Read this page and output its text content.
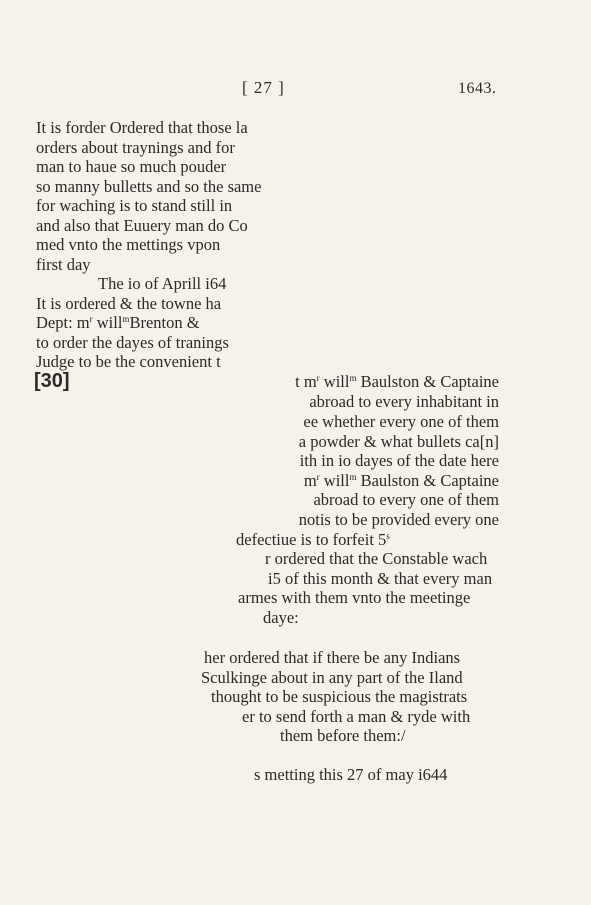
[ 27 ]	1643.
It is forder Ordered that those la
orders about traynings and for
man to haue so much pouder
so manny bulletts and so the same
for waching is to stand still in
and also that Euuery man do Co
med vnto the mettings vpon
first day
The io of Aprill i64
It is ordered & the towne ha
Dept: $m^r$ will$^m$Brenton &
to order the dayes of tranings
Judge to be the convenient t
[30]	t $m^r$ will$^m$ Baulston & Captaine
abroad to every inhabitant in
ee whether every one of them
a powder & what bullets ca[n]
ith in io dayes of the date here
$m^r$ will$^m$ Baulston & Captaine
abroad to every one of them
notis to be provided every one
defectiue is to forfeit 5$^s$
r ordered that the Constable wach
i5 of this month & that every man
armes with them vnto the meetinge
daye:
her ordered that if there be any Indians
Sculkinge about in any part of the Iland
thought to be suspicious the magistrats
er to send forth a man & ryde with
them before them:/
s metting this 27 of may i644
